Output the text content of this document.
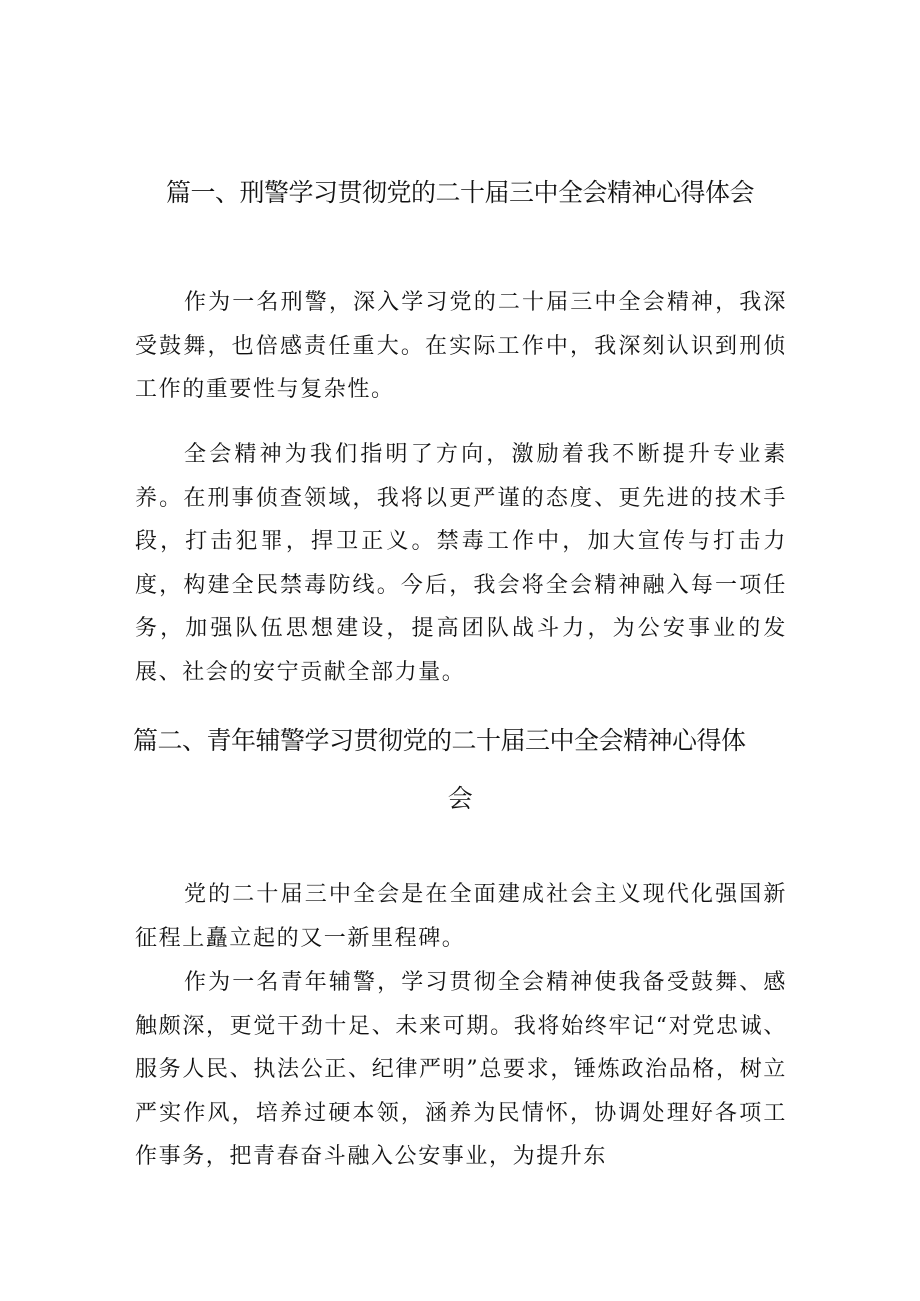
篇一、刑警学习贯彻党的二十届三中全会精神心得体会

作为一名刑警，深入学习党的二十届三中全会精神，我深受鼓舞，也倍感责任重大。在实际工作中，我深刻认识到刑侦工作的重要性与复杂性。

全会精神为我们指明了方向，激励着我不断提升专业素养。在刑事侦查领域，我将以更严谨的态度、更先进的技术手段，打击犯罪，捍卫正义。禁毒工作中，加大宣传与打击力度，构建全民禁毒防线。今后，我会将全会精神融入每一项任务，加强队伍思想建设，提高团队战斗力，为公安事业的发展、社会的安宁贡献全部力量。

篇二、青年辅警学习贯彻党的二十届三中全会精神心得体
会

党的二十届三中全会是在全面建成社会主义现代化强国新征程上矗立起的又一新里程碑。

作为一名青年辅警，学习贯彻全会精神使我备受鼓舞、感触颇深，更觉干劲十足、未来可期。我将始终牢记“对党忠诚、服务人民、执法公正、纪律严明”总要求，锤炼政治品格，树立严实作风，培养过硬本领，涵养为民情怀，协调处理好各项工作事务，把青春奋斗融入公安事业，为提升东
